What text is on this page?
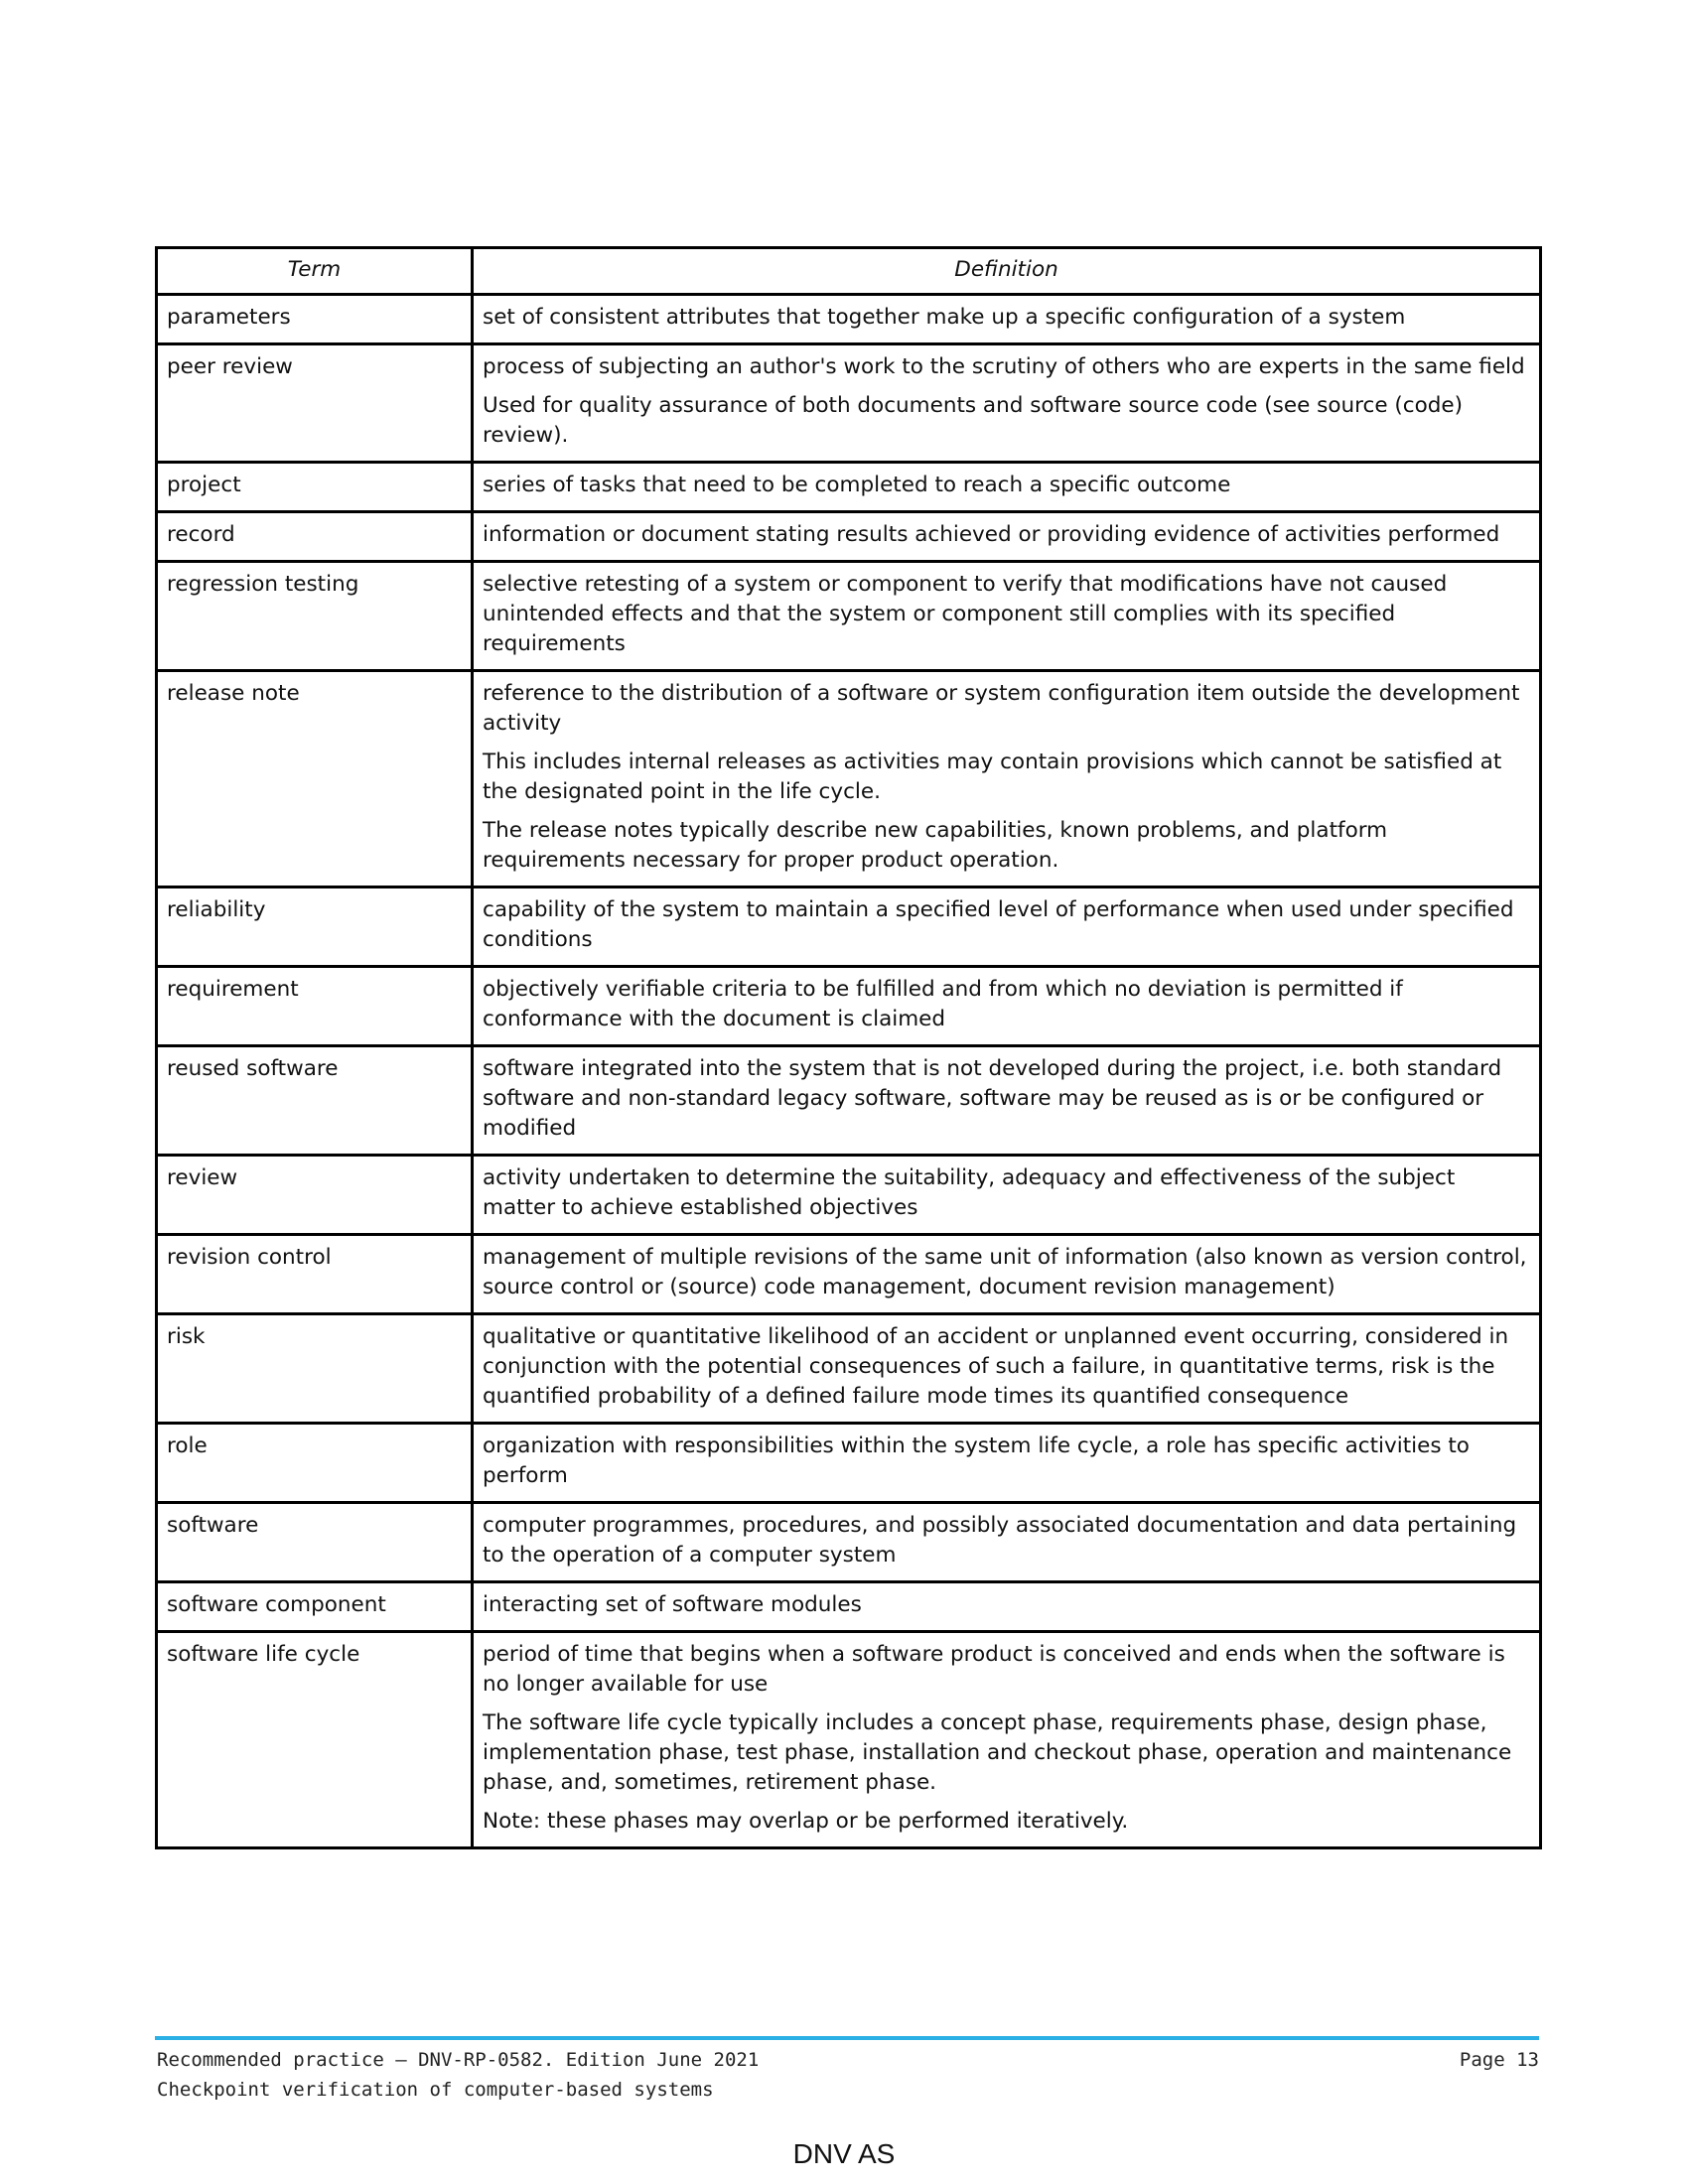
Term	Definition
parameters	set of consistent attributes that together make up a specific configuration of a system

peer review	process of subjecting an author's work to the scrutiny of others who are experts in the same field

Used for quality assurance of both documents and software source code (see source (code) review).

project	series of tasks that need to be completed to reach a specific outcome

record	information or document stating results achieved or providing evidence of activities performed

regression testing	selective retesting of a system or component to verify that modifications have not caused unintended effects and that the system or component still complies with its specified requirements

release note	reference to the distribution of a software or system configuration item outside the development activity

This includes internal releases as activities may contain provisions which cannot be satisfied at the designated point in the life cycle.

The release notes typically describe new capabilities, known problems, and platform requirements necessary for proper product operation.

reliability	capability of the system to maintain a specified level of performance when used under specified conditions

requirement	objectively verifiable criteria to be fulfilled and from which no deviation is permitted if conformance with the document is claimed

reused software	software integrated into the system that is not developed during the project, i.e. both standard software and non-standard legacy software, software may be reused as is or be configured or modified

review	activity undertaken to determine the suitability, adequacy and effectiveness of the subject matter to achieve established objectives

revision control	management of multiple revisions of the same unit of information (also known as version control, source control or (source) code management, document revision management)

risk	qualitative or quantitative likelihood of an accident or unplanned event occurring, considered in conjunction with the potential consequences of such a failure, in quantitative terms, risk is the quantified probability of a defined failure mode times its quantified consequence

role	organization with responsibilities within the system life cycle, a role has specific activities to perform

software	computer programmes, procedures, and possibly associated documentation and data pertaining to the operation of a computer system

software component	interacting set of software modules

software life cycle	period of time that begins when a software product is conceived and ends when the software is no longer available for use

The software life cycle typically includes a concept phase, requirements phase, design phase, implementation phase, test phase, installation and checkout phase, operation and maintenance phase, and, sometimes, retirement phase.

Note: these phases may overlap or be performed iteratively.

Recommended practice — DNV-RP-0582. Edition June 2021
Checkpoint verification of computer-based systems
Page 13
DNV AS
